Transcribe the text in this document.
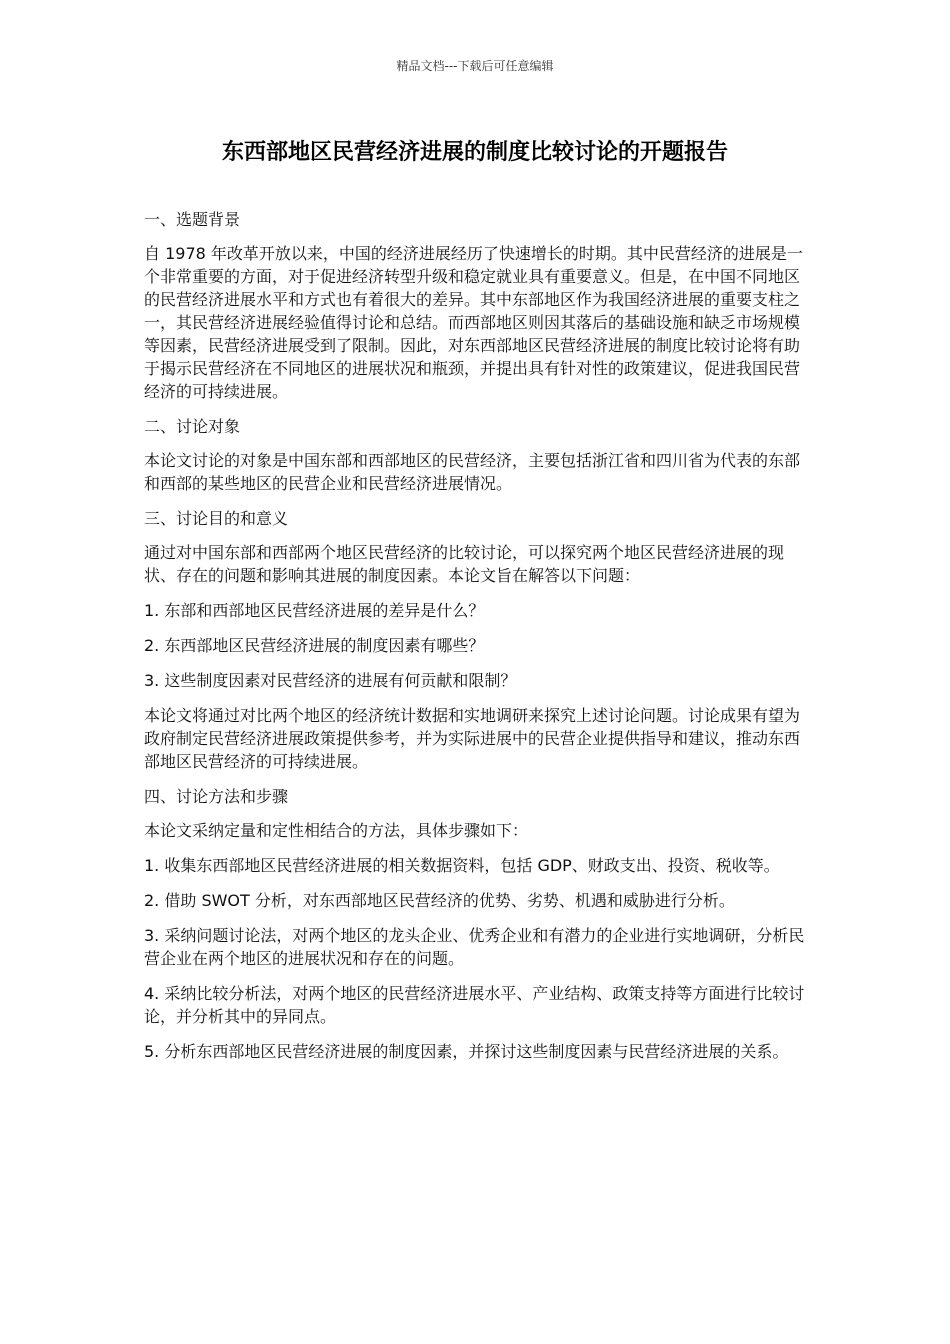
精品文档---下载后可任意编辑
东西部地区民营经济进展的制度比较讨论的开题报告

一、选题背景

自 1978 年改革开放以来，中国的经济进展经历了快速增长的时期。其中民营经济的进展是一个非常重要的方面，对于促进经济转型升级和稳定就业具有重要意义。但是，在中国不同地区的民营经济进展水平和方式也有着很大的差异。其中东部地区作为我国经济进展的重要支柱之一，其民营经济进展经验值得讨论和总结。而西部地区则因其落后的基础设施和缺乏市场规模等因素，民营经济进展受到了限制。因此，对东西部地区民营经济进展的制度比较讨论将有助于揭示民营经济在不同地区的进展状况和瓶颈，并提出具有针对性的政策建议，促进我国民营经济的可持续进展。

二、讨论对象

本论文讨论的对象是中国东部和西部地区的民营经济，主要包括浙江省和四川省为代表的东部和西部的某些地区的民营企业和民营经济进展情况。

三、讨论目的和意义

通过对中国东部和西部两个地区民营经济的比较讨论，可以探究两个地区民营经济进展的现状、存在的问题和影响其进展的制度因素。本论文旨在解答以下问题：

1. 东部和西部地区民营经济进展的差异是什么？

2. 东西部地区民营经济进展的制度因素有哪些？

3. 这些制度因素对民营经济的进展有何贡献和限制？

本论文将通过对比两个地区的经济统计数据和实地调研来探究上述讨论问题。讨论成果有望为政府制定民营经济进展政策提供参考，并为实际进展中的民营企业提供指导和建议，推动东西部地区民营经济的可持续进展。

四、讨论方法和步骤

本论文采纳定量和定性相结合的方法，具体步骤如下：

1. 收集东西部地区民营经济进展的相关数据资料，包括 GDP、财政支出、投资、税收等。

2. 借助 SWOT 分析，对东西部地区民营经济的优势、劣势、机遇和威胁进行分析。

3. 采纳问题讨论法，对两个地区的龙头企业、优秀企业和有潜力的企业进行实地调研，分析民营企业在两个地区的进展状况和存在的问题。

4. 采纳比较分析法，对两个地区的民营经济进展水平、产业结构、政策支持等方面进行比较讨论，并分析其中的异同点。

5. 分析东西部地区民营经济进展的制度因素，并探讨这些制度因素与民营经济进展的关系。
